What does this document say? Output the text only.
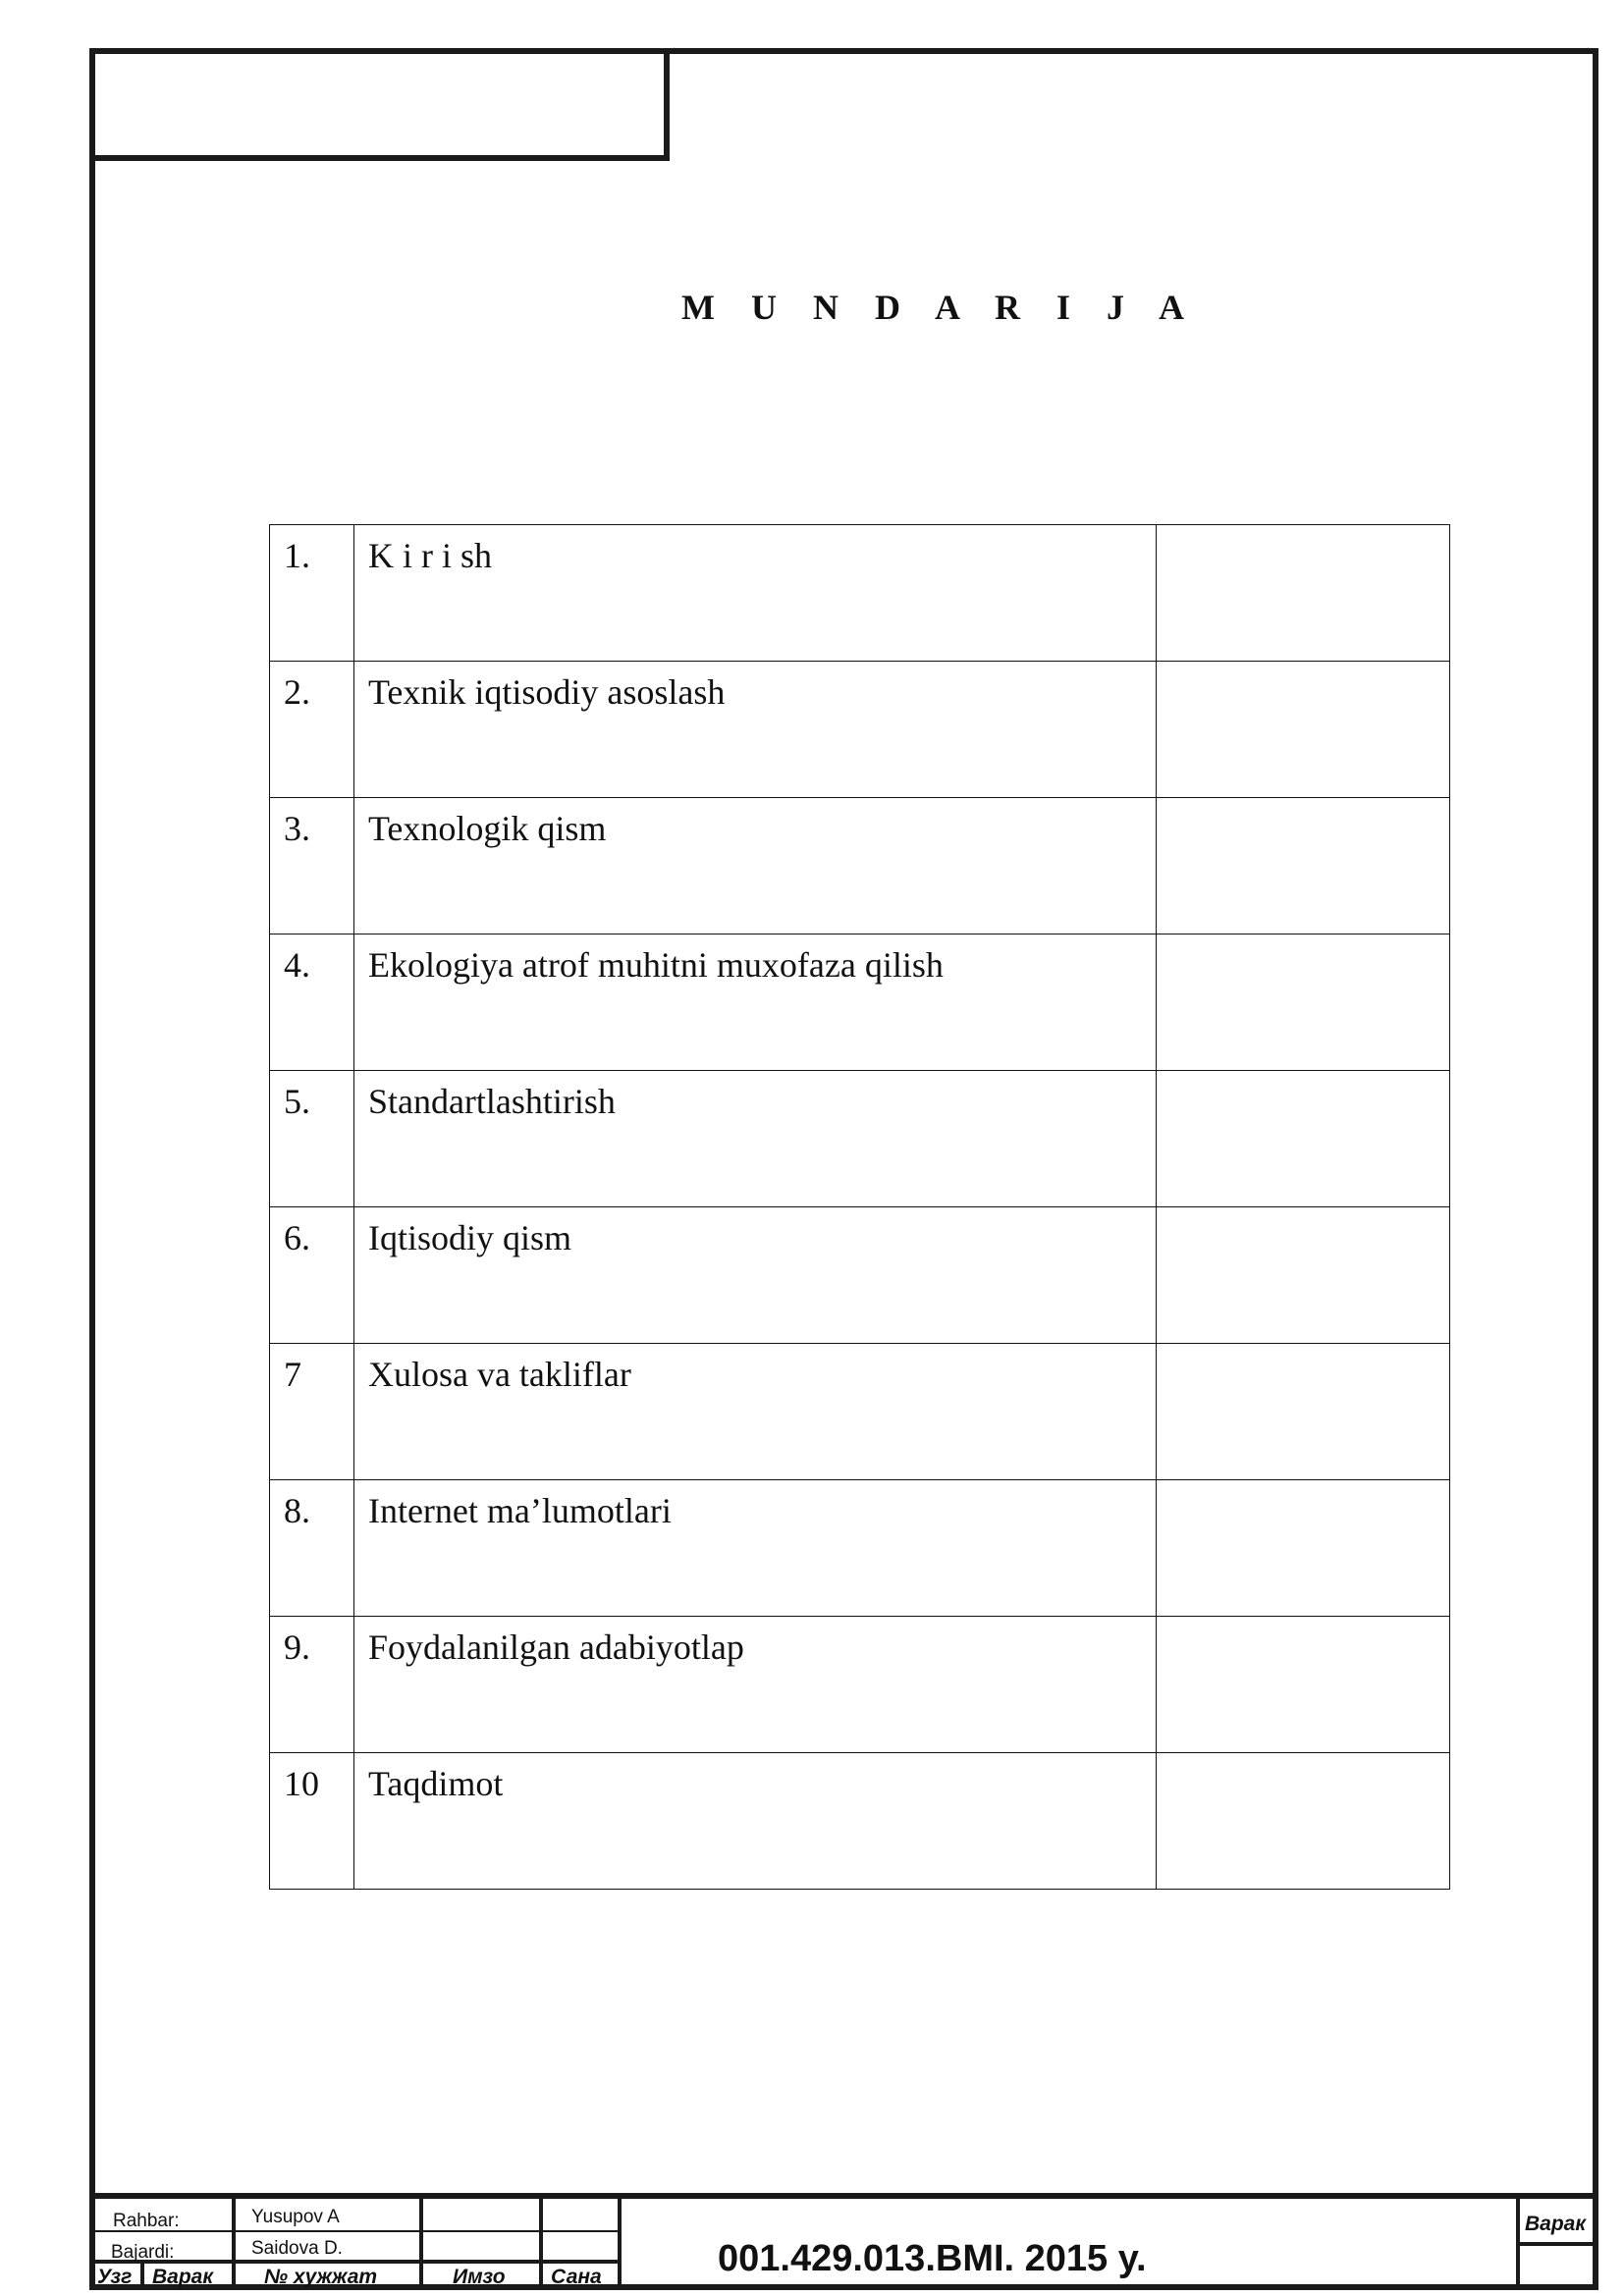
M U N D A R I J A
1.	K i r i sh	
2.	Texnik iqtisodiy asoslash	
3.	Texnologik qism	
4.	Ekologiya atrof muhitni muxofaza qilish	
5.	Standartlashtirish	
6.	Iqtisodiy qism	
7	Xulosa va takliflar	
8.	Internet ma’lumotlari	
9.	Foydalanilgan adabiyotlap	
10	Taqdimot	
Rahbar:	Yusupov A
Bajardi:	Saidova D.
Узг Варак № хужжат	Имзо Сана	001.429.013.BMI. 2015 y.
Варак
